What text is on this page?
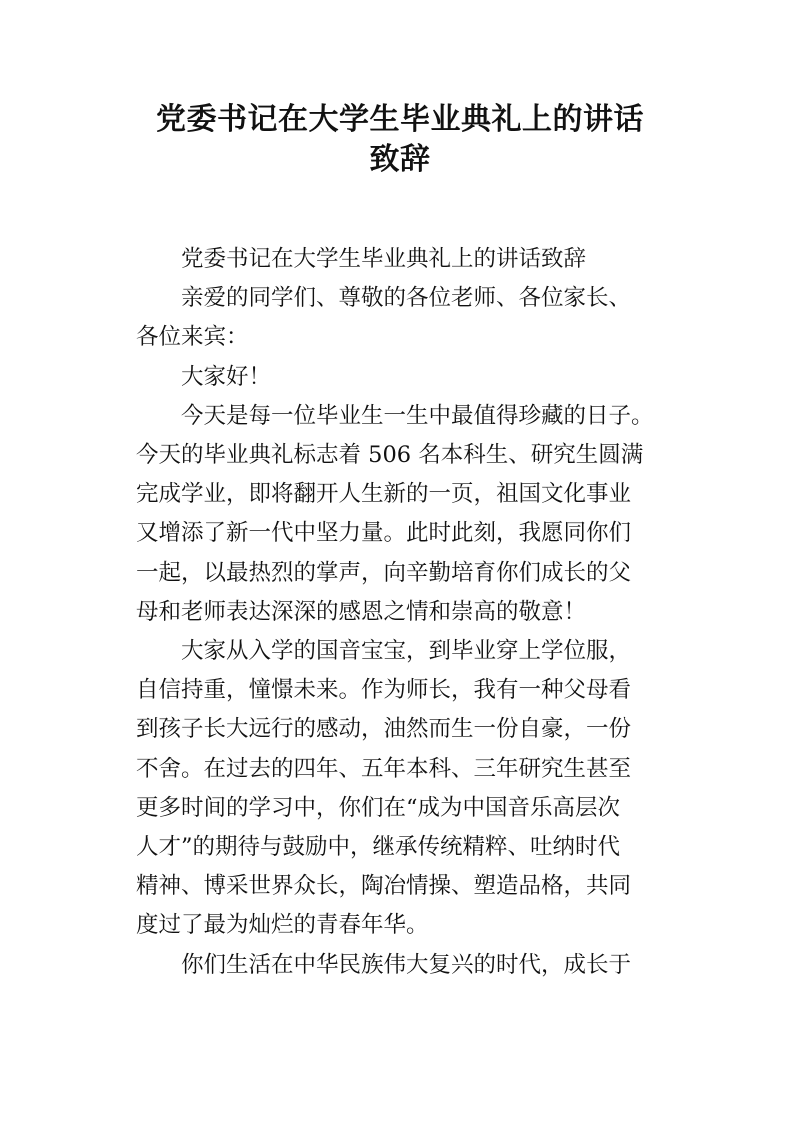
党委书记在大学生毕业典礼上的讲话
致辞
党委书记在大学生毕业典礼上的讲话致辞
亲爱的同学们、尊敬的各位老师、各位家长、
各位来宾：
大家好！
今天是每一位毕业生一生中最值得珍藏的日子。
今天的毕业典礼标志着 506 名本科生、研究生圆满
完成学业，即将翻开人生新的一页，祖国文化事业
又增添了新一代中坚力量。此时此刻，我愿同你们
一起，以最热烈的掌声，向辛勤培育你们成长的父
母和老师表达深深的感恩之情和崇高的敬意！
大家从入学的国音宝宝，到毕业穿上学位服，
自信持重，憧憬未来。作为师长，我有一种父母看
到孩子长大远行的感动，油然而生一份自豪，一份
不舍。在过去的四年、五年本科、三年研究生甚至
更多时间的学习中，你们在“成为中国音乐高层次
人才”的期待与鼓励中，继承传统精粹、吐纳时代
精神、博采世界众长，陶冶情操、塑造品格，共同
度过了最为灿烂的青春年华。
你们生活在中华民族伟大复兴的时代，成长于
